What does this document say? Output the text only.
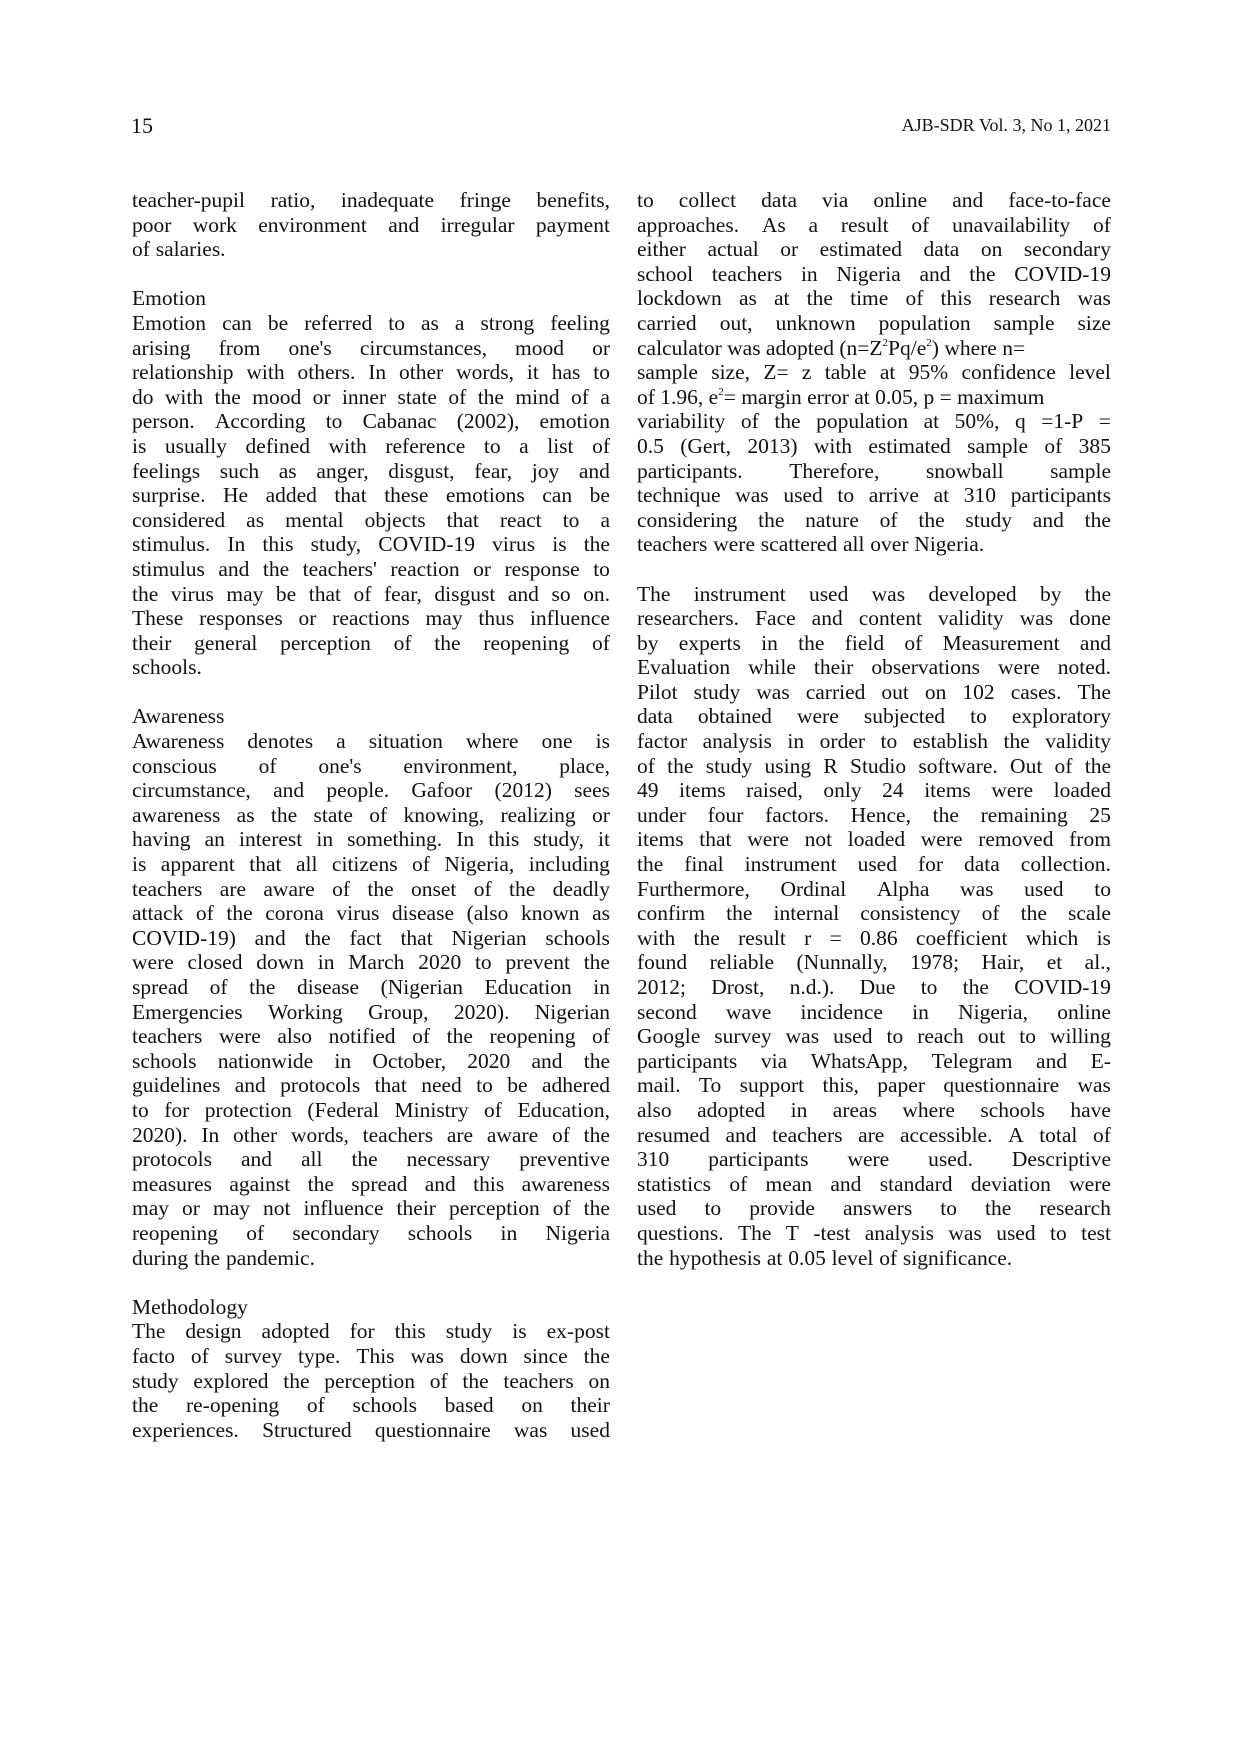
15	AJB-SDR Vol. 3, No 1, 2021
teacher-pupil ratio, inadequate fringe benefits,
poor work environment and irregular payment
of salaries.
Emotion
Emotion can be referred to as a strong feeling
arising from one's circumstances, mood or
relationship with others. In other words, it has to
do with the mood or inner state of the mind of a
person. According to Cabanac (2002), emotion
is usually defined with reference to a list of
feelings such as anger, disgust, fear, joy and
surprise. He added that these emotions can be
considered as mental objects that react to a
stimulus. In this study, COVID-19 virus is the
stimulus and the teachers' reaction or response to
the virus may be that of fear, disgust and so on.
These responses or reactions may thus influence
their general perception of the reopening of
schools.
Awareness
Awareness denotes a situation where one is
conscious of one's environment, place,
circumstance, and people. Gafoor (2012) sees
awareness as the state of knowing, realizing or
having an interest in something. In this study, it
is apparent that all citizens of Nigeria, including
teachers are aware of the onset of the deadly
attack of the corona virus disease (also known as
COVID-19) and the fact that Nigerian schools
were closed down in March 2020 to prevent the
spread of the disease (Nigerian Education in
Emergencies Working Group, 2020). Nigerian
teachers were also notified of the reopening of
schools nationwide in October, 2020 and the
guidelines and protocols that need to be adhered
to for protection (Federal Ministry of Education,
2020). In other words, teachers are aware of the
protocols and all the necessary preventive
measures against the spread and this awareness
may or may not influence their perception of the
reopening of secondary schools in Nigeria
during the pandemic.
Methodology
The design adopted for this study is ex-post
facto of survey type. This was down since the
study explored the perception of the teachers on
the re-opening of schools based on their
experiences. Structured questionnaire was used
to collect data via online and face-to-face
approaches. As a result of unavailability of
either actual or estimated data on secondary
school teachers in Nigeria and the COVID-19
lockdown as at the time of this research was
carried out, unknown population sample size
calculator was adopted $(n=Z^2Pq/e^2)$ where n=
sample size, Z= z table at 95% confidence level
of 1.96, $e^2=$ margin error at 0.05, p = maximum
variability of the population at 50%, q =1-P =
0.5 (Gert, 2013) with estimated sample of 385
participants. Therefore, snowball sample
technique was used to arrive at 310 participants
considering the nature of the study and the
teachers were scattered all over Nigeria.
The instrument used was developed by the
researchers. Face and content validity was done
by experts in the field of Measurement and
Evaluation while their observations were noted.
Pilot study was carried out on 102 cases. The
data obtained were subjected to exploratory
factor analysis in order to establish the validity
of the study using R Studio software. Out of the
49 items raised, only 24 items were loaded
under four factors. Hence, the remaining 25
items that were not loaded were removed from
the final instrument used for data collection.
Furthermore, Ordinal Alpha was used to
confirm the internal consistency of the scale
with the result r = 0.86 coefficient which is
found reliable (Nunnally, 1978; Hair, et al.,
2012; Drost, n.d.). Due to the COVID-19
second wave incidence in Nigeria, online
Google survey was used to reach out to willing
participants via WhatsApp, Telegram and E-
mail. To support this, paper questionnaire was
also adopted in areas where schools have
resumed and teachers are accessible. A total of
310 participants were used. Descriptive
statistics of mean and standard deviation were
used to provide answers to the research
questions. The T -test analysis was used to test
the hypothesis at 0.05 level of significance.
